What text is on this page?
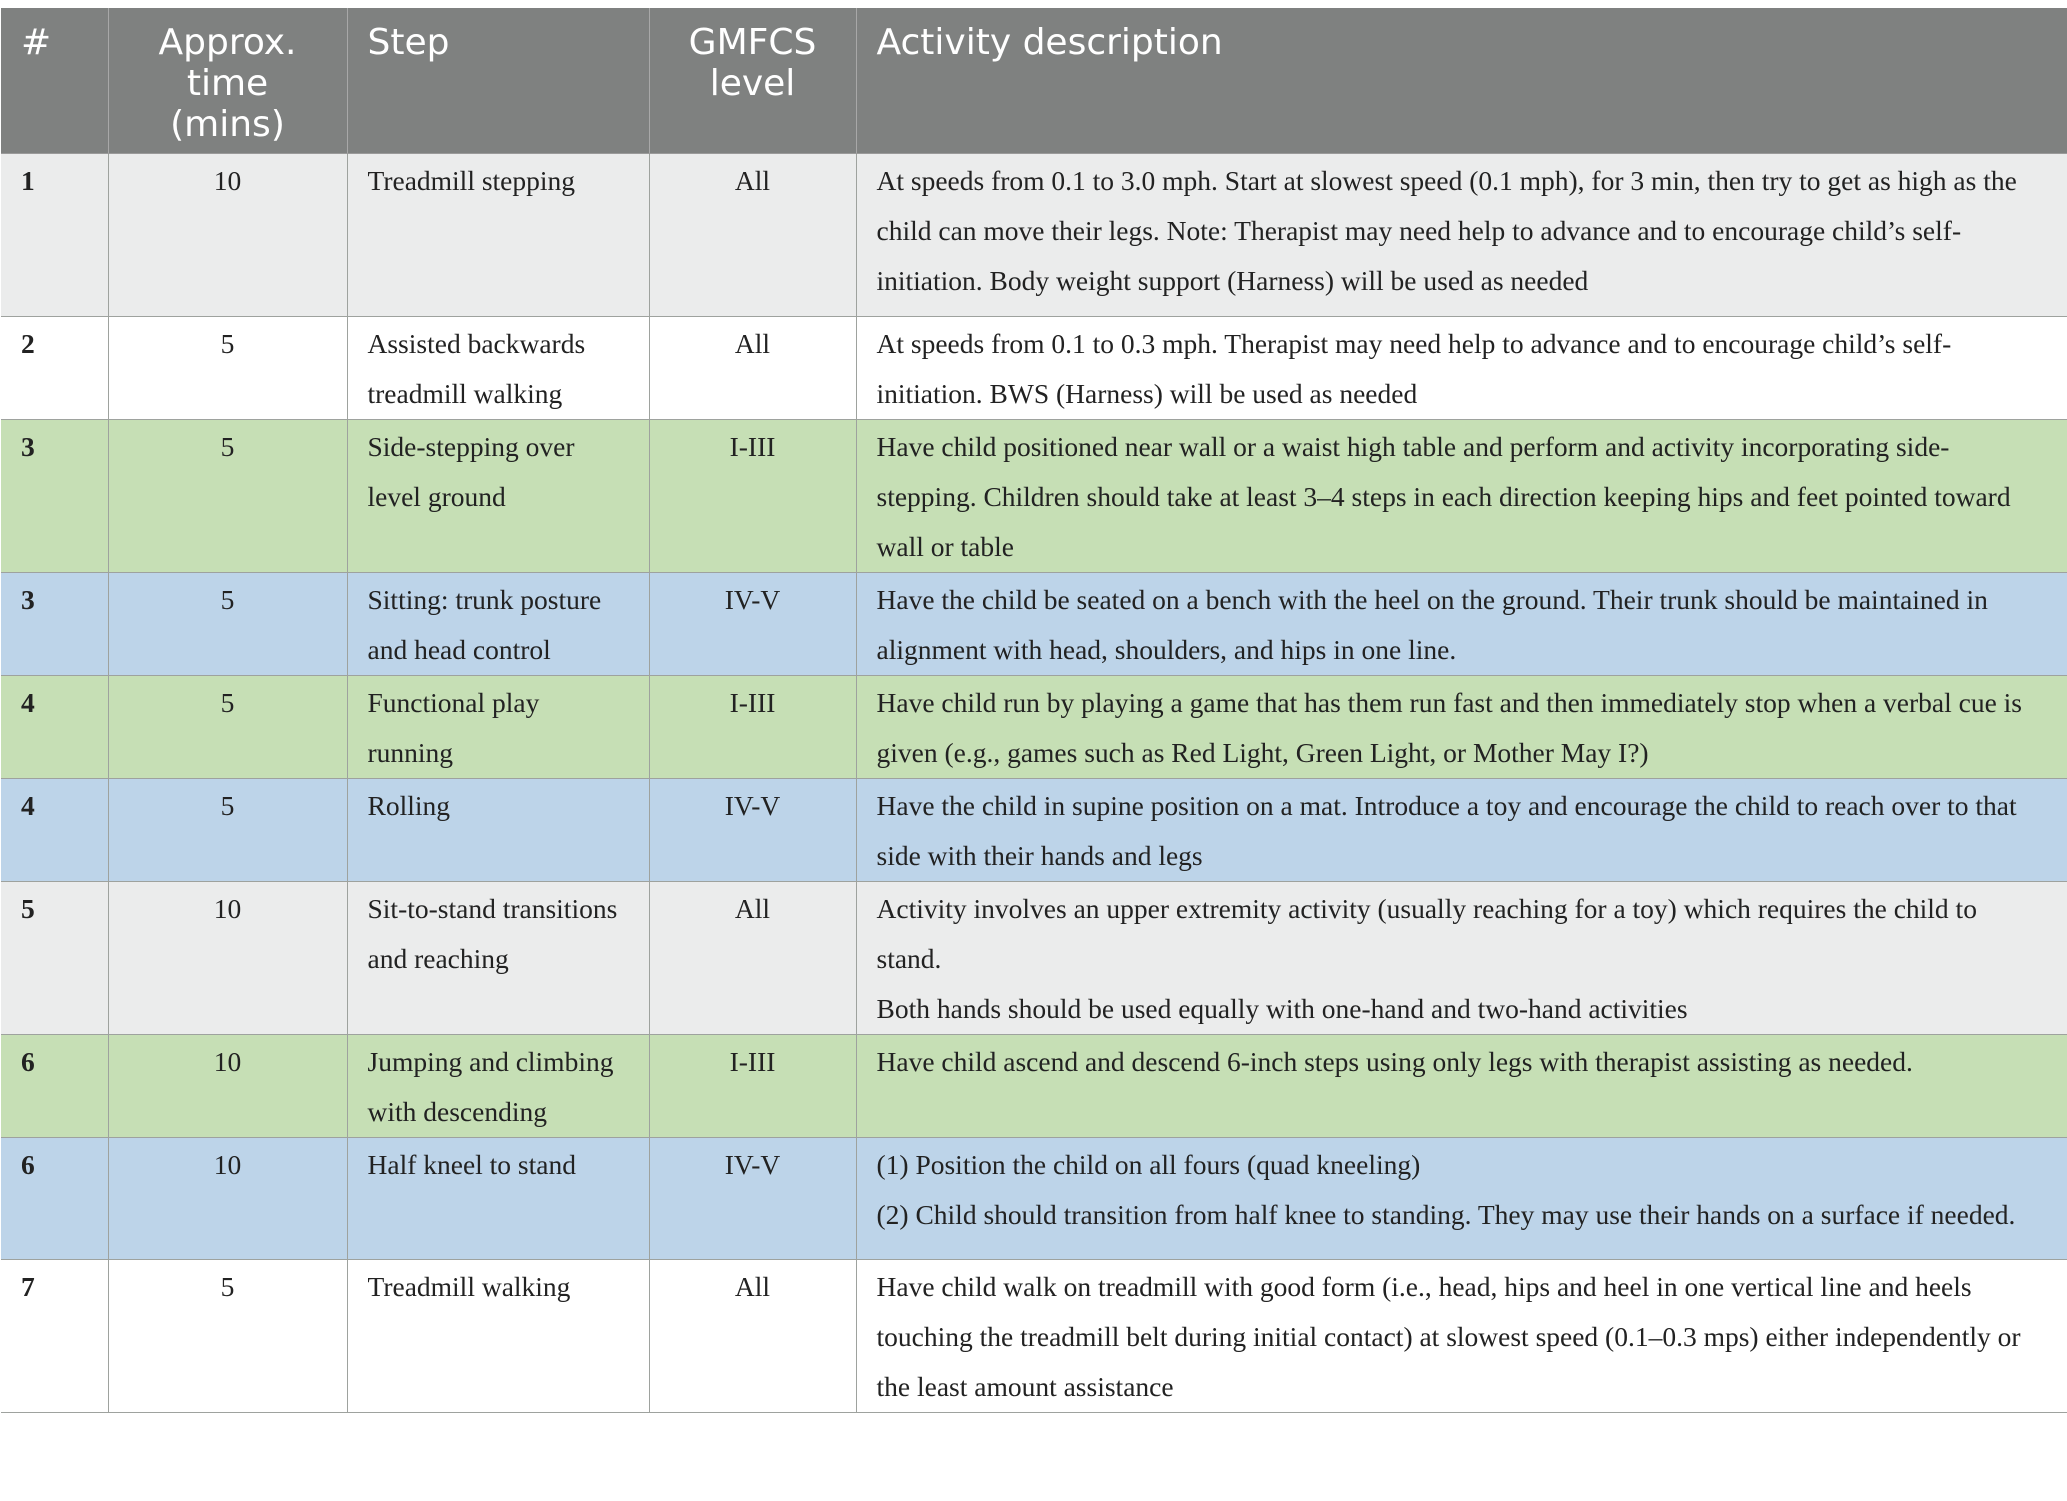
#	Approx. time (mins)	Step	GMFCS level	Activity description
1	10	Treadmill stepping	All	At speeds from 0.1 to 3.0 mph. Start at slowest speed (0.1 mph), for 3 min, then try to get as high as the child can move their legs. Note: Therapist may need help to advance and to encourage child’s self-initiation. Body weight support (Harness) will be used as needed

2	5	Assisted backwards treadmill walking	All	At speeds from 0.1 to 0.3 mph. Therapist may need help to advance and to encourage child’s self-initiation. BWS (Harness) will be used as needed

3	5	Side-stepping over level ground	I-III	Have child positioned near wall or a waist high table and perform and activity incorporating side-stepping. Children should take at least 3–4 steps in each direction keeping hips and feet pointed toward wall or table

3	5	Sitting: trunk posture and head control	IV-V	Have the child be seated on a bench with the heel on the ground. Their trunk should be maintained in alignment with head, shoulders, and hips in one line.

4	5	Functional play running	I-III	Have child run by playing a game that has them run fast and then immediately stop when a verbal cue is given (e.g., games such as Red Light, Green Light, or Mother May I?)

4	5	Rolling	IV-V	Have the child in supine position on a mat. Introduce a toy and encourage the child to reach over to that side with their hands and legs

5	10	Sit-to-stand transitions and reaching	All	Activity involves an upper extremity activity (usually reaching for a toy) which requires the child to stand.
Both hands should be used equally with one-hand and two-hand activities

6	10	Jumping and climbing with descending	I-III	Have child ascend and descend 6-inch steps using only legs with therapist assisting as needed.

6	10	Half kneel to stand	IV-V	(1) Position the child on all fours (quad kneeling)
(2) Child should transition from half knee to standing. They may use their hands on a surface if needed.

7	5	Treadmill walking	All	Have child walk on treadmill with good form (i.e., head, hips and heel in one vertical line and heels touching the treadmill belt during initial contact) at slowest speed (0.1–0.3 mps) either independently or the least amount assistance
